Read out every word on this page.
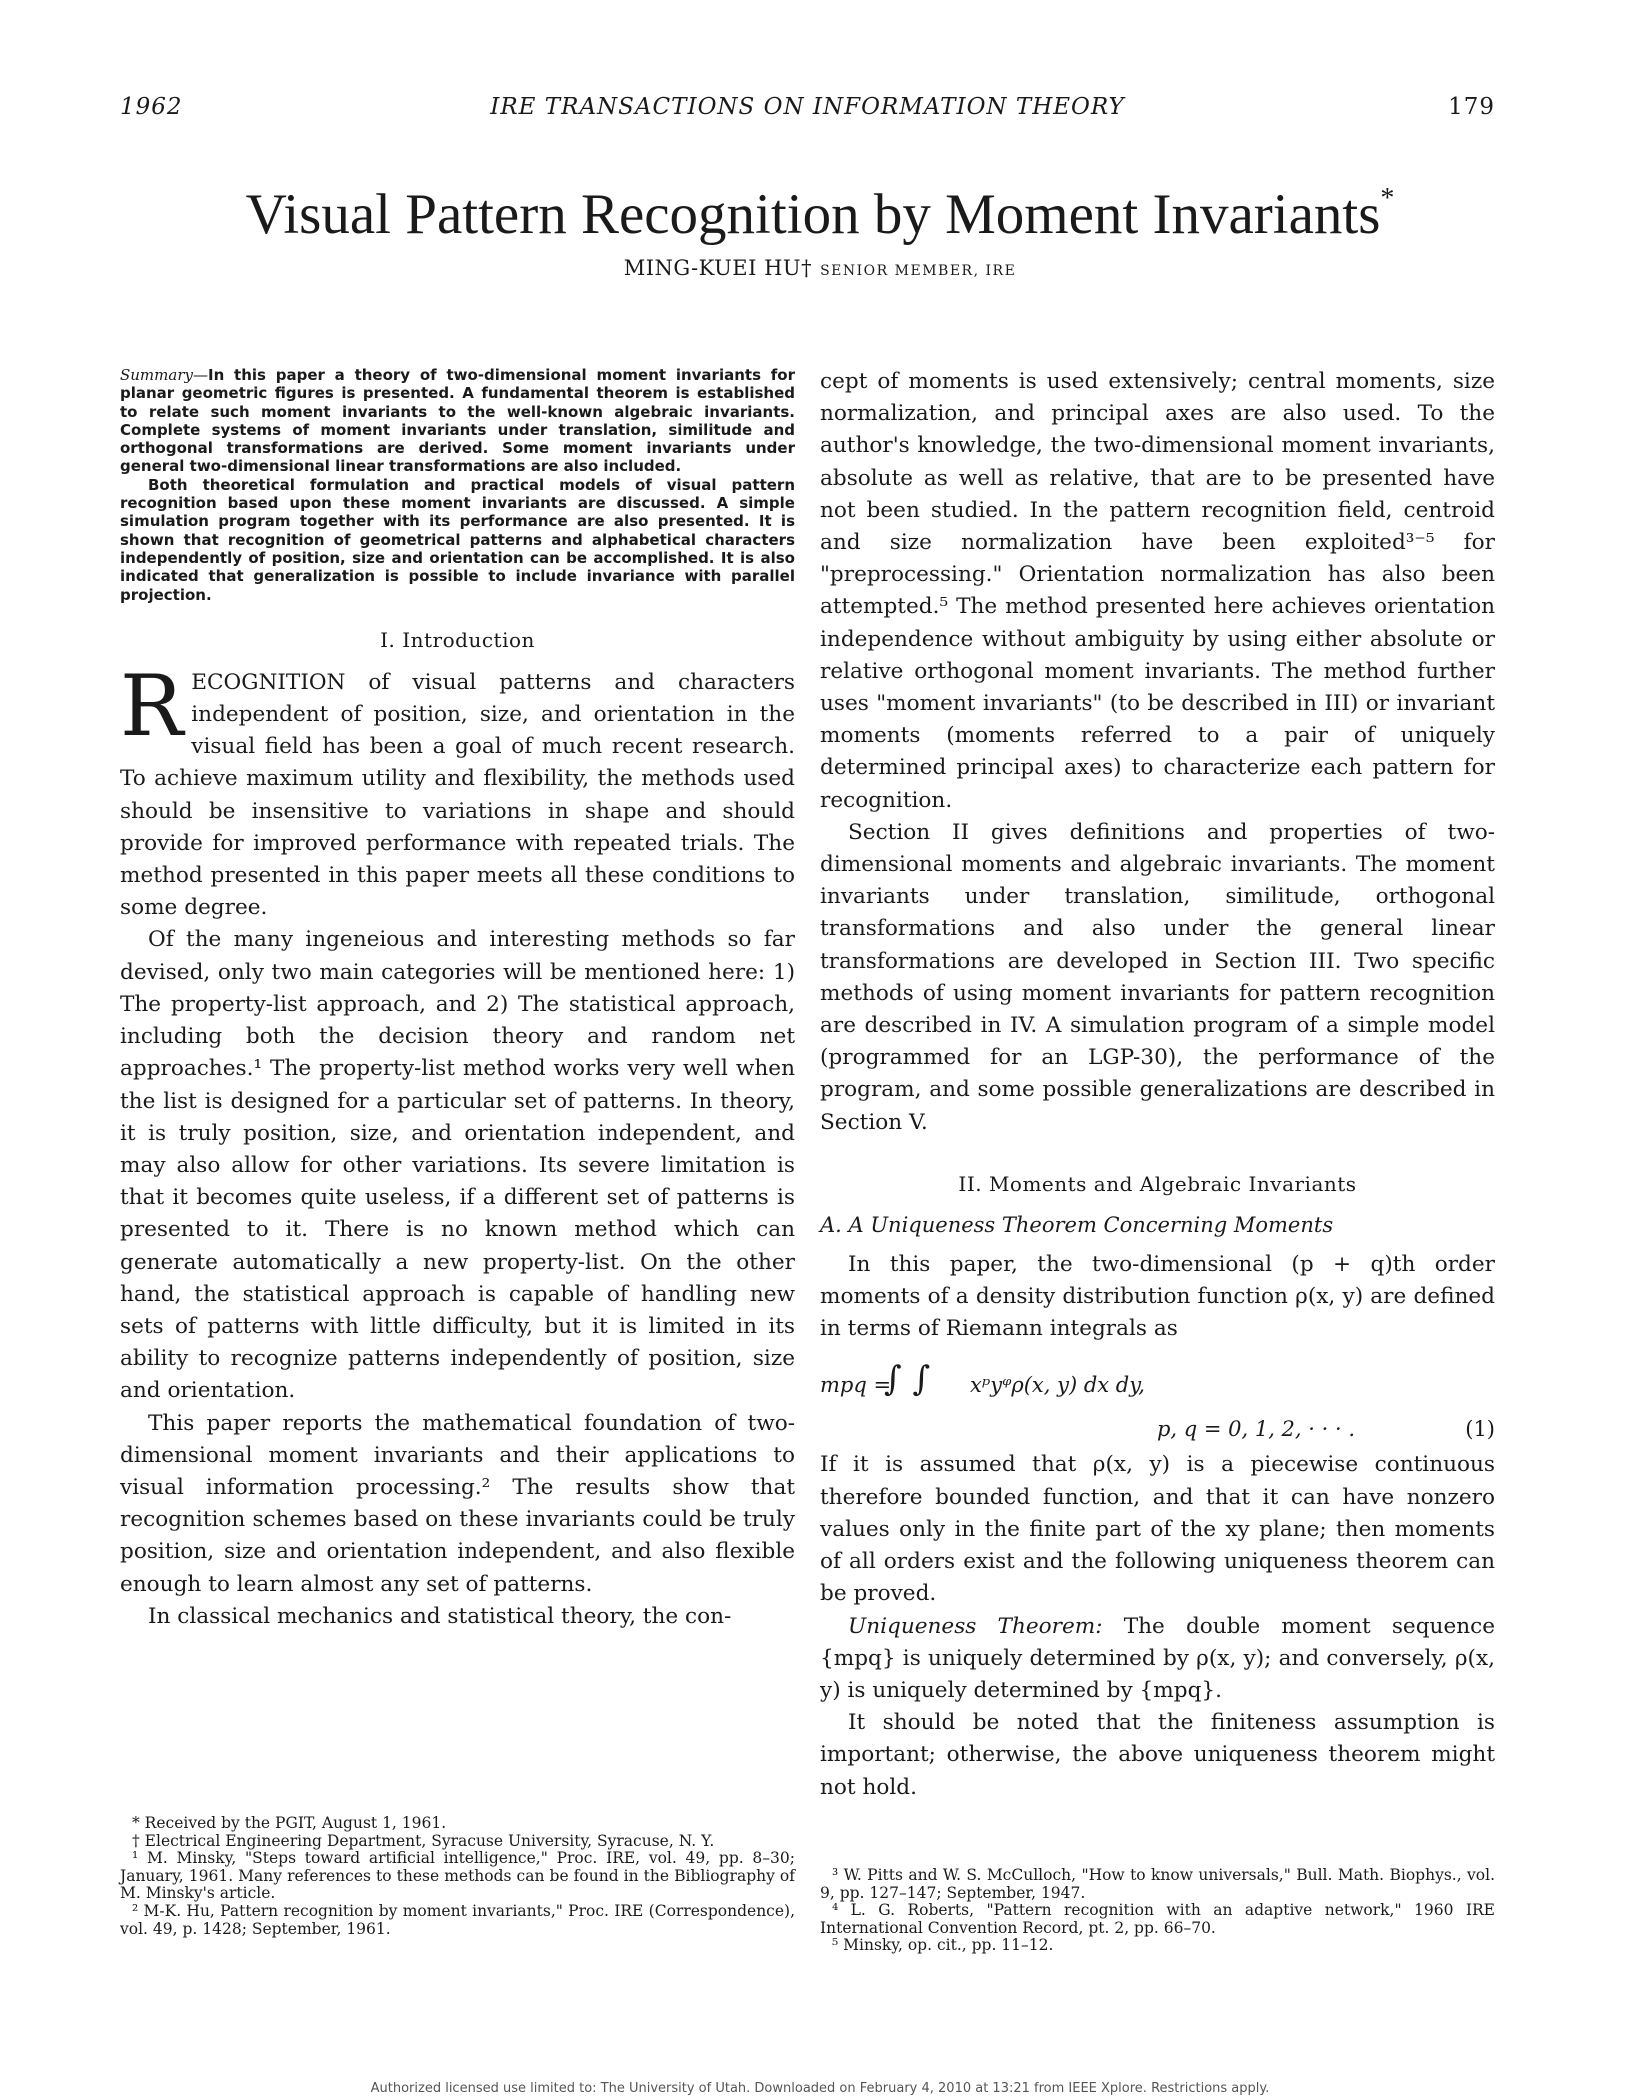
1962	IRE TRANSACTIONS ON INFORMATION THEORY	179
Visual Pattern Recognition by Moment Invariants*
MING-KUEI HU† SENIOR MEMBER, IRE

Summary—In this paper a theory of two-dimensional moment invariants for planar geometric figures is presented. A fundamental theorem is established to relate such moment invariants to the well-known algebraic invariants. Complete systems of moment invariants under translation, similitude and orthogonal transformations are derived. Some moment invariants under general two-dimensional linear transformations are also included.

Both theoretical formulation and practical models of visual pattern recognition based upon these moment invariants are discussed. A simple simulation program together with its performance are also presented. It is shown that recognition of geometrical patterns and alphabetical characters independently of position, size and orientation can be accomplished. It is also indicated that generalization is possible to include invariance with parallel projection.

I. Introduction

RECOGNITION of visual patterns and characters independent of position, size, and orientation in the visual field has been a goal of much recent research. To achieve maximum utility and flexibility, the methods used should be insensitive to variations in shape and should provide for improved performance with repeated trials. The method presented in this paper meets all these conditions to some degree.

Of the many ingeneious and interesting methods so far devised, only two main categories will be mentioned here: 1) The property-list approach, and 2) The statistical approach, including both the decision theory and random net approaches.¹ The property-list method works very well when the list is designed for a particular set of patterns. In theory, it is truly position, size, and orientation independent, and may also allow for other variations. Its severe limitation is that it becomes quite useless, if a different set of patterns is presented to it. There is no known method which can generate automatically a new property-list. On the other hand, the statistical approach is capable of handling new sets of patterns with little difficulty, but it is limited in its ability to recognize patterns independently of position, size and orientation.

This paper reports the mathematical foundation of two-dimensional moment invariants and their applications to visual information processing.² The results show that recognition schemes based on these invariants could be truly position, size and orientation independent, and also flexible enough to learn almost any set of patterns.

In classical mechanics and statistical theory, the con-

cept of moments is used extensively; central moments, size normalization, and principal axes are also used. To the author's knowledge, the two-dimensional moment invariants, absolute as well as relative, that are to be presented have not been studied. In the pattern recognition field, centroid and size normalization have been exploited³⁻⁵ for "preprocessing." Orientation normalization has also been attempted.⁵ The method presented here achieves orientation independence without ambiguity by using either absolute or relative orthogonal moment invariants. The method further uses "moment invariants" (to be described in III) or invariant moments (moments referred to a pair of uniquely determined principal axes) to characterize each pattern for recognition.

Section II gives definitions and properties of two-dimensional moments and algebraic invariants. The moment invariants under translation, similitude, orthogonal transformations and also under the general linear transformations are developed in Section III. Two specific methods of using moment invariants for pattern recognition are described in IV. A simulation program of a simple model (programmed for an LGP-30), the performance of the program, and some possible generalizations are described in Section V.

II. Moments and Algebraic Invariants
A. A Uniqueness Theorem Concerning Moments

In this paper, the two-dimensional (p + q)th order moments of a density distribution function ρ(x, y) are defined in terms of Riemann integrals as

mpq =
∫ ∫ xᵖyᵠρ(x, y) dx dy,
p, q = 0, 1, 2, · · · .	(1)

If it is assumed that ρ(x, y) is a piecewise continuous therefore bounded function, and that it can have nonzero values only in the finite part of the xy plane; then moments of all orders exist and the following uniqueness theorem can be proved.

Uniqueness Theorem: The double moment sequence {mpq} is uniquely determined by ρ(x, y); and conversely, ρ(x, y) is uniquely determined by {mpq}.

It should be noted that the finiteness assumption is important; otherwise, the above uniqueness theorem might not hold.

* Received by the PGIT, August 1, 1961.

† Electrical Engineering Department, Syracuse University, Syracuse, N. Y.

¹ M. Minsky, "Steps toward artificial intelligence," Proc. IRE, vol. 49, pp. 8–30; January, 1961. Many references to these methods can be found in the Bibliography of M. Minsky's article.

² M-K. Hu, Pattern recognition by moment invariants," Proc. IRE (Correspondence), vol. 49, p. 1428; September, 1961.

³ W. Pitts and W. S. McCulloch, "How to know universals," Bull. Math. Biophys., vol. 9, pp. 127–147; September, 1947.

⁴ L. G. Roberts, "Pattern recognition with an adaptive network," 1960 IRE International Convention Record, pt. 2, pp. 66–70.

⁵ Minsky, op. cit., pp. 11–12.

Authorized licensed use limited to: The University of Utah. Downloaded on February 4, 2010 at 13:21 from IEEE Xplore. Restrictions apply.
